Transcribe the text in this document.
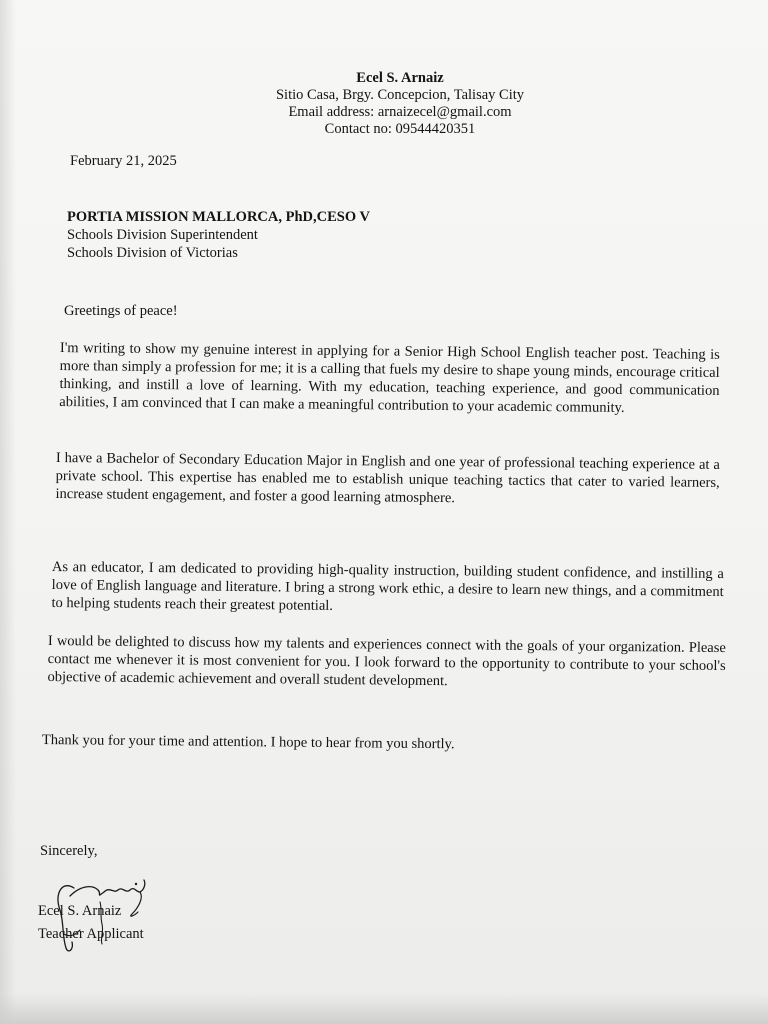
Ecel S. Arnaiz
Sitio Casa, Brgy. Concepcion, Talisay City
Email address: arnaizecel@gmail.com
Contact no: 09544420351
February 21, 2025
PORTIA MISSION MALLORCA, PhD,CESO V
Schools Division Superintendent
Schools Division of Victorias
Greetings of peace!

I'm writing to show my genuine interest in applying for a Senior High School English teacher post. Teaching is more than simply a profession for me; it is a calling that fuels my desire to shape young minds, encourage critical thinking, and instill a love of learning. With my education, teaching experience, and good communication abilities, I am convinced that I can make a meaningful contribution to your academic community.

I have a Bachelor of Secondary Education Major in English and one year of professional teaching experience at a private school. This expertise has enabled me to establish unique teaching tactics that cater to varied learners, increase student engagement, and foster a good learning atmosphere.

As an educator, I am dedicated to providing high-quality instruction, building student confidence, and instilling a love of English language and literature. I bring a strong work ethic, a desire to learn new things, and a commitment to helping students reach their greatest potential.

I would be delighted to discuss how my talents and experiences connect with the goals of your organization. Please contact me whenever it is most convenient for you. I look forward to the opportunity to contribute to your school's objective of academic achievement and overall student development.

Thank you for your time and attention. I hope to hear from you shortly.
Sincerely,
Ecel S. Arnaiz
Teacher Applicant
